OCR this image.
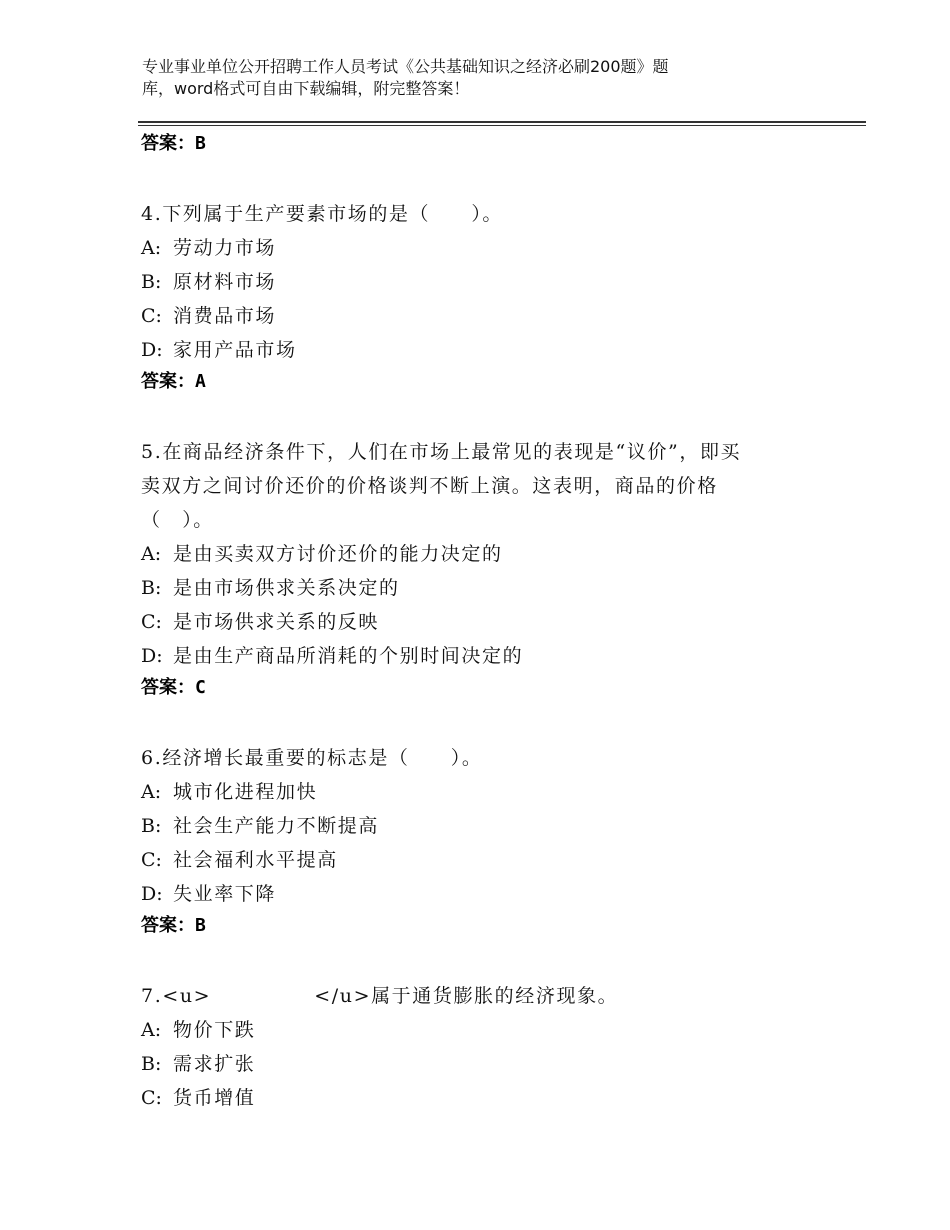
专业事业单位公开招聘工作人员考试《公共基础知识之经济必刷200题》题
库，word格式可自由下载编辑，附完整答案！
答案：B
4.下列属于生产要素市场的是（　　）。
A: 劳动力市场
B: 原材料市场
C: 消费品市场
D: 家用产品市场
答案：A
5.在商品经济条件下，人们在市场上最常见的表现是“议价”，即买
卖双方之间讨价还价的价格谈判不断上演。这表明，商品的价格
（　）。
A: 是由买卖双方讨价还价的能力决定的
B: 是由市场供求关系决定的
C: 是市场供求关系的反映
D: 是由生产商品所消耗的个别时间决定的
答案：C
6.经济增长最重要的标志是（　　）。
A: 城市化进程加快
B: 社会生产能力不断提高
C: 社会福利水平提高
D: 失业率下降
答案：B
7.<u>　　　　　</u>属于通货膨胀的经济现象。
A: 物价下跌
B: 需求扩张
C: 货币增值
